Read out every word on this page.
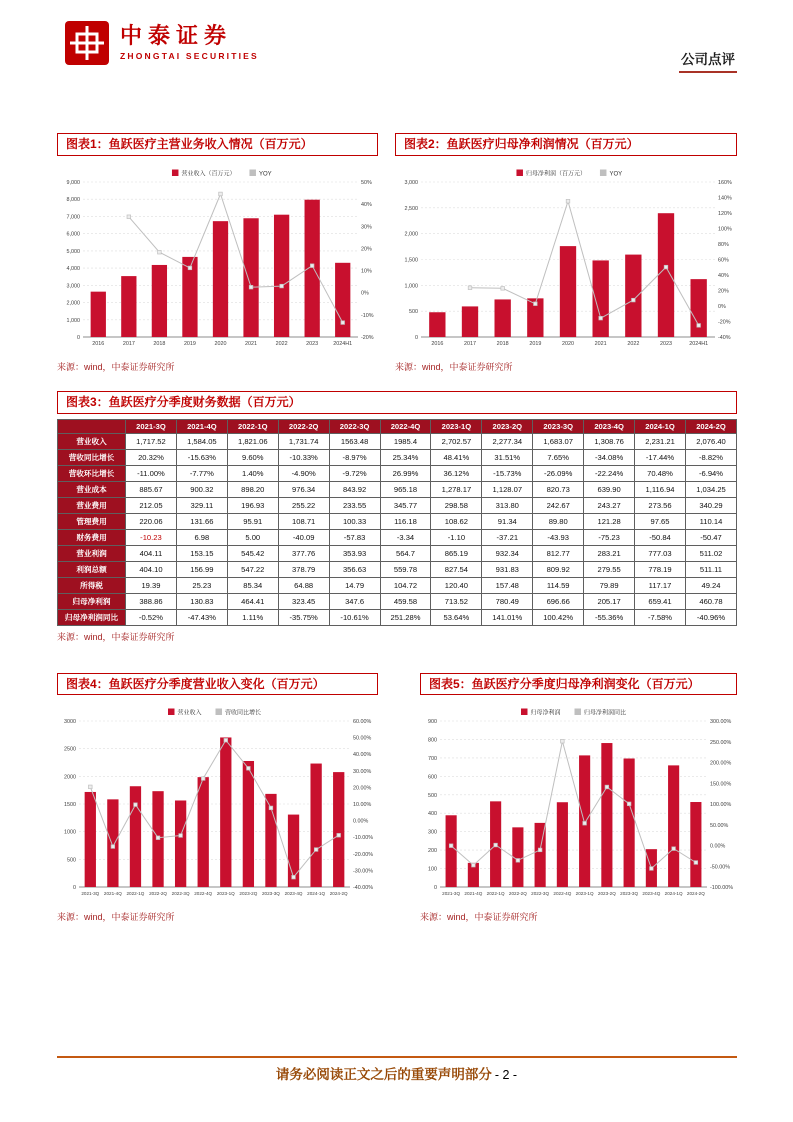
中泰证券
ZHONGTAI SECURITIES	公司点评
图表1：鱼跃医疗主营业务收入情况（百万元）
0
1,000
2,000
3,000
4,000
5,000
6,000
7,000
8,000
9,000
-20%
-10%
0%
10%
20%
30%
40%
50%
2016	2017	2018	2019	2020	2021	2022	2023	2024H1
营业收入（百万元）	YOY
来源：wind，中泰证券研究所
图表2：鱼跃医疗归母净利润情况（百万元）
0
500
1,000
1,500
2,000
2,500
3,000
-40%
-20%
0%
20%
40%
60%
80%
100%
120%
140%
160%
2016	2017	2018	2019	2020	2021	2022	2023	2024H1
归母净利润（百万元）	YOY
来源：wind，中泰证券研究所
图表3：鱼跃医疗分季度财务数据（百万元）
	2021-3Q	2021-4Q	2022-1Q	2022-2Q	2022-3Q	2022-4Q	2023-1Q	2023-2Q	2023-3Q	2023-4Q	2024-1Q	2024-2Q
营业收入	1,717.52	1,584.05	1,821.06	1,731.74	1563.48	1985.4	2,702.57	2,277.34	1,683.07	1,308.76	2,231.21	2,076.40
营收同比增长	20.32%	-15.63%	9.60%	-10.33%	-8.97%	25.34%	48.41%	31.51%	7.65%	-34.08%	-17.44%	-8.82%
营收环比增长	-11.00%	-7.77%	1.40%	-4.90%	-9.72%	26.99%	36.12%	-15.73%	-26.09%	-22.24%	70.48%	-6.94%
营业成本	885.67	900.32	898.20	976.34	843.92	965.18	1,278.17	1,128.07	820.73	639.90	1,116.94	1,034.25
营业费用	212.05	329.11	196.93	255.22	233.55	345.77	298.58	313.80	242.67	243.27	273.56	340.29
管理费用	220.06	131.66	95.91	108.71	100.33	116.18	108.62	91.34	89.80	121.28	97.65	110.14
财务费用	-10.23	6.98	5.00	-40.09	-57.83	-3.34	-1.10	-37.21	-43.93	-75.23	-50.84	-50.47
营业利润	404.11	153.15	545.42	377.76	353.93	564.7	865.19	932.34	812.77	283.21	777.03	511.02
利润总额	404.10	156.99	547.22	378.79	356.63	559.78	827.54	931.83	809.92	279.55	778.19	511.11
所得税	19.39	25.23	85.34	64.88	14.79	104.72	120.40	157.48	114.59	79.89	117.17	49.24
归母净利润	388.86	130.83	464.41	323.45	347.6	459.58	713.52	780.49	696.66	205.17	659.41	460.78
归母净利润同比	-0.52%	-47.43%	1.11%	-35.75%	-10.61%	251.28%	53.64%	141.01%	100.42%	-55.36%	-7.58%	-40.96%
来源：wind，中泰证券研究所
图表4：鱼跃医疗分季度营业收入变化（百万元）
0
500
1000
1500
2000
2500
3000
-40.00%
-30.00%
-20.00%
-10.00%
0.00%
10.00%
20.00%
30.00%
40.00%
50.00%
60.00%
2021-3Q 2021-4Q 2022-1Q 2022-2Q 2022-3Q 2022-4Q 2023-1Q 2023-2Q 2023-3Q 2023-4Q 2024-1Q 2024-2Q
营业收入	营收同比增长
来源：wind，中泰证券研究所
图表5：鱼跃医疗分季度归母净利润变化（百万元）
0
100
200
300
400
500
600
700
800
900
-100.00%
-50.00%
0.00%
50.00%
100.00%
150.00%
200.00%
250.00%
300.00%
2021-3Q 2021-4Q 2022-1Q 2022-2Q 2022-3Q 2022-4Q 2023-1Q 2023-2Q 2023-3Q 2023-4Q 2024-1Q 2024-2Q
归母净利润	归母净利润同比
来源：wind，中泰证券研究所
请务必阅读正文之后的重要声明部分 - 2 -
